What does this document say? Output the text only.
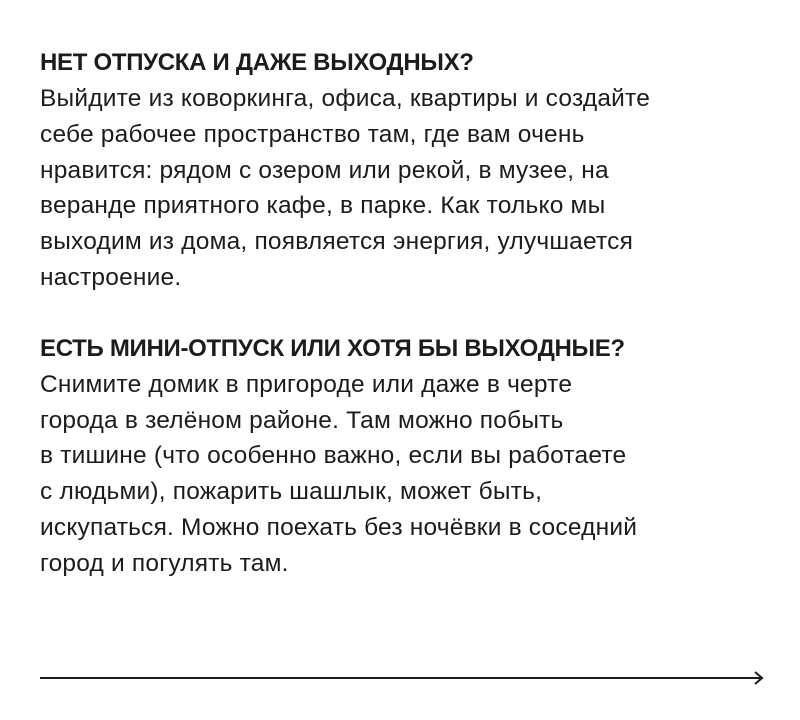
НЕТ ОТПУСКА И ДАЖЕ ВЫХОДНЫХ?

Выйдите из коворкинга, офиса, квартиры и создайте
себе рабочее пространство там, где вам очень
нравится: рядом с озером или рекой, в музее, на
веранде приятного кафе, в парке. Как только мы
выходим из дома, появляется энергия, улучшается
настроение.

ЕСТЬ МИНИ-ОТПУСК ИЛИ ХОТЯ БЫ ВЫХОДНЫЕ?

Снимите домик в пригороде или даже в черте
города в зелёном районе. Там можно побыть
в тишине (что особенно важно, если вы работаете
с людьми), пожарить шашлык, может быть,
искупаться. Можно поехать без ночёвки в соседний
город и погулять там.
